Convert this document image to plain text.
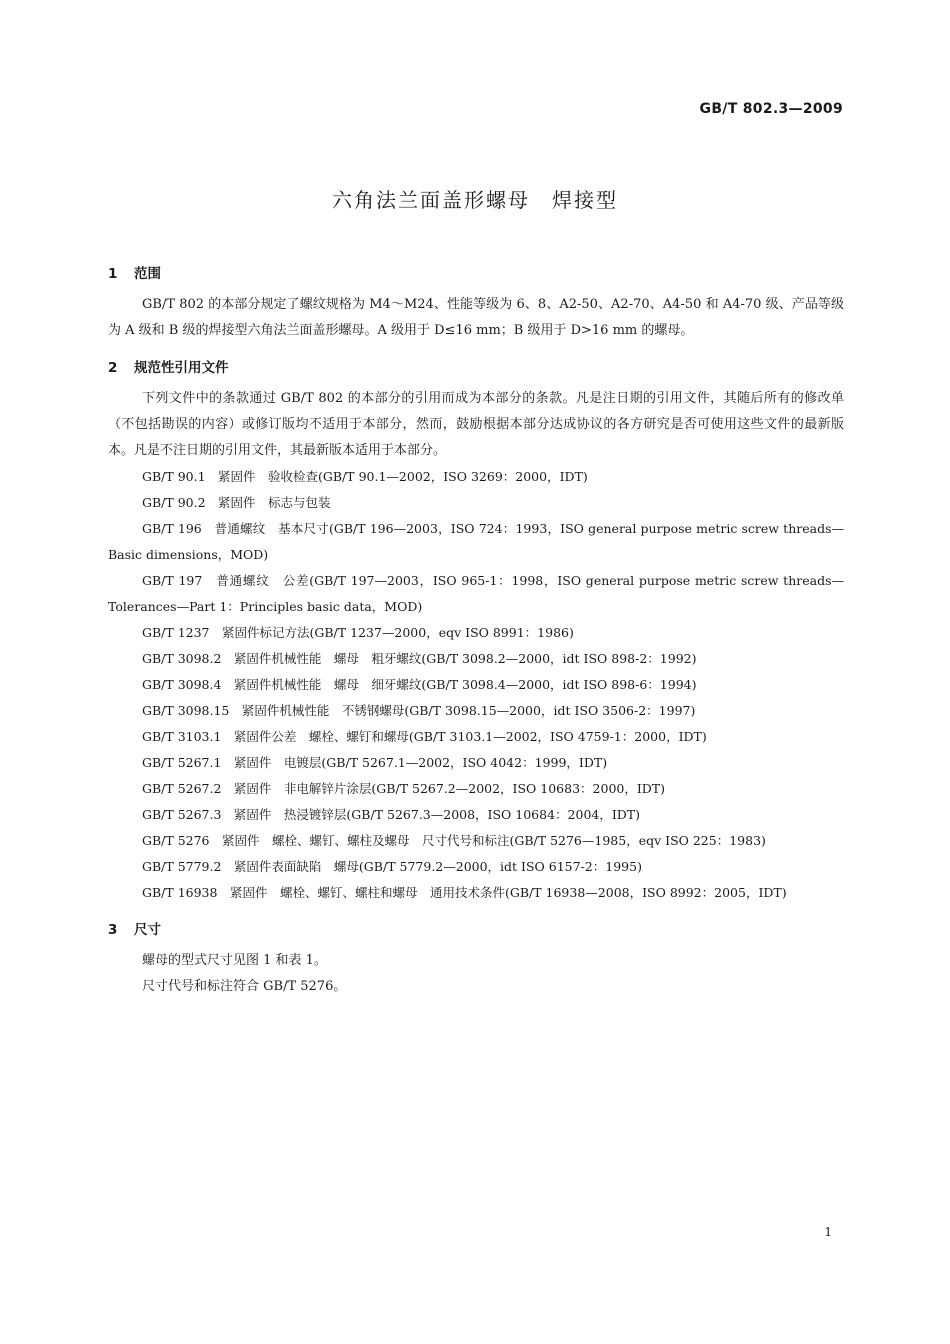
GB/T 802.3—2009
六角法兰面盖形螺母　焊接型
1 范围

GB/T 802 的本部分规定了螺纹规格为 M4～M24、性能等级为 6、8、A2-50、A2-70、A4-50 和 A4-70 级、产品等级为 A 级和 B 级的焊接型六角法兰面盖形螺母。A 级用于 D≤16 mm；B 级用于 D>16 mm 的螺母。

2 规范性引用文件

下列文件中的条款通过 GB/T 802 的本部分的引用而成为本部分的条款。凡是注日期的引用文件，其随后所有的修改单（不包括勘误的内容）或修订版均不适用于本部分，然而，鼓励根据本部分达成协议的各方研究是否可使用这些文件的最新版本。凡是不注日期的引用文件，其最新版本适用于本部分。

GB/T 90.1　紧固件　验收检查(GB/T 90.1—2002，ISO 3269：2000，IDT)
GB/T 90.2　紧固件　标志与包装
GB/T 196　普通螺纹　基本尺寸(GB/T 196—2003，ISO 724：1993，ISO general purpose metric screw threads—Basic dimensions，MOD)
GB/T 197　普通螺纹　公差(GB/T 197—2003，ISO 965-1：1998，ISO general purpose metric screw threads—Tolerances—Part 1：Principles basic data，MOD)
GB/T 1237　紧固件标记方法(GB/T 1237—2000，eqv ISO 8991：1986)
GB/T 3098.2　紧固件机械性能　螺母　粗牙螺纹(GB/T 3098.2—2000，idt ISO 898-2：1992)
GB/T 3098.4　紧固件机械性能　螺母　细牙螺纹(GB/T 3098.4—2000，idt ISO 898-6：1994)
GB/T 3098.15　紧固件机械性能　不锈钢螺母(GB/T 3098.15—2000，idt ISO 3506-2：1997)
GB/T 3103.1　紧固件公差　螺栓、螺钉和螺母(GB/T 3103.1—2002，ISO 4759-1：2000，IDT)
GB/T 5267.1　紧固件　电镀层(GB/T 5267.1—2002，ISO 4042：1999，IDT)
GB/T 5267.2　紧固件　非电解锌片涂层(GB/T 5267.2—2002，ISO 10683：2000，IDT)
GB/T 5267.3　紧固件　热浸镀锌层(GB/T 5267.3—2008，ISO 10684：2004，IDT)
GB/T 5276　紧固件　螺栓、螺钉、螺柱及螺母　尺寸代号和标注(GB/T 5276—1985，eqv ISO 225：1983)
GB/T 5779.2　紧固件表面缺陷　螺母(GB/T 5779.2—2000，idt ISO 6157-2：1995)
GB/T 16938　紧固件　螺栓、螺钉、螺柱和螺母　通用技术条件(GB/T 16938—2008，ISO 8992：2005，IDT)
3 尺寸

螺母的型式尺寸见图 1 和表 1。

尺寸代号和标注符合 GB/T 5276。

1
